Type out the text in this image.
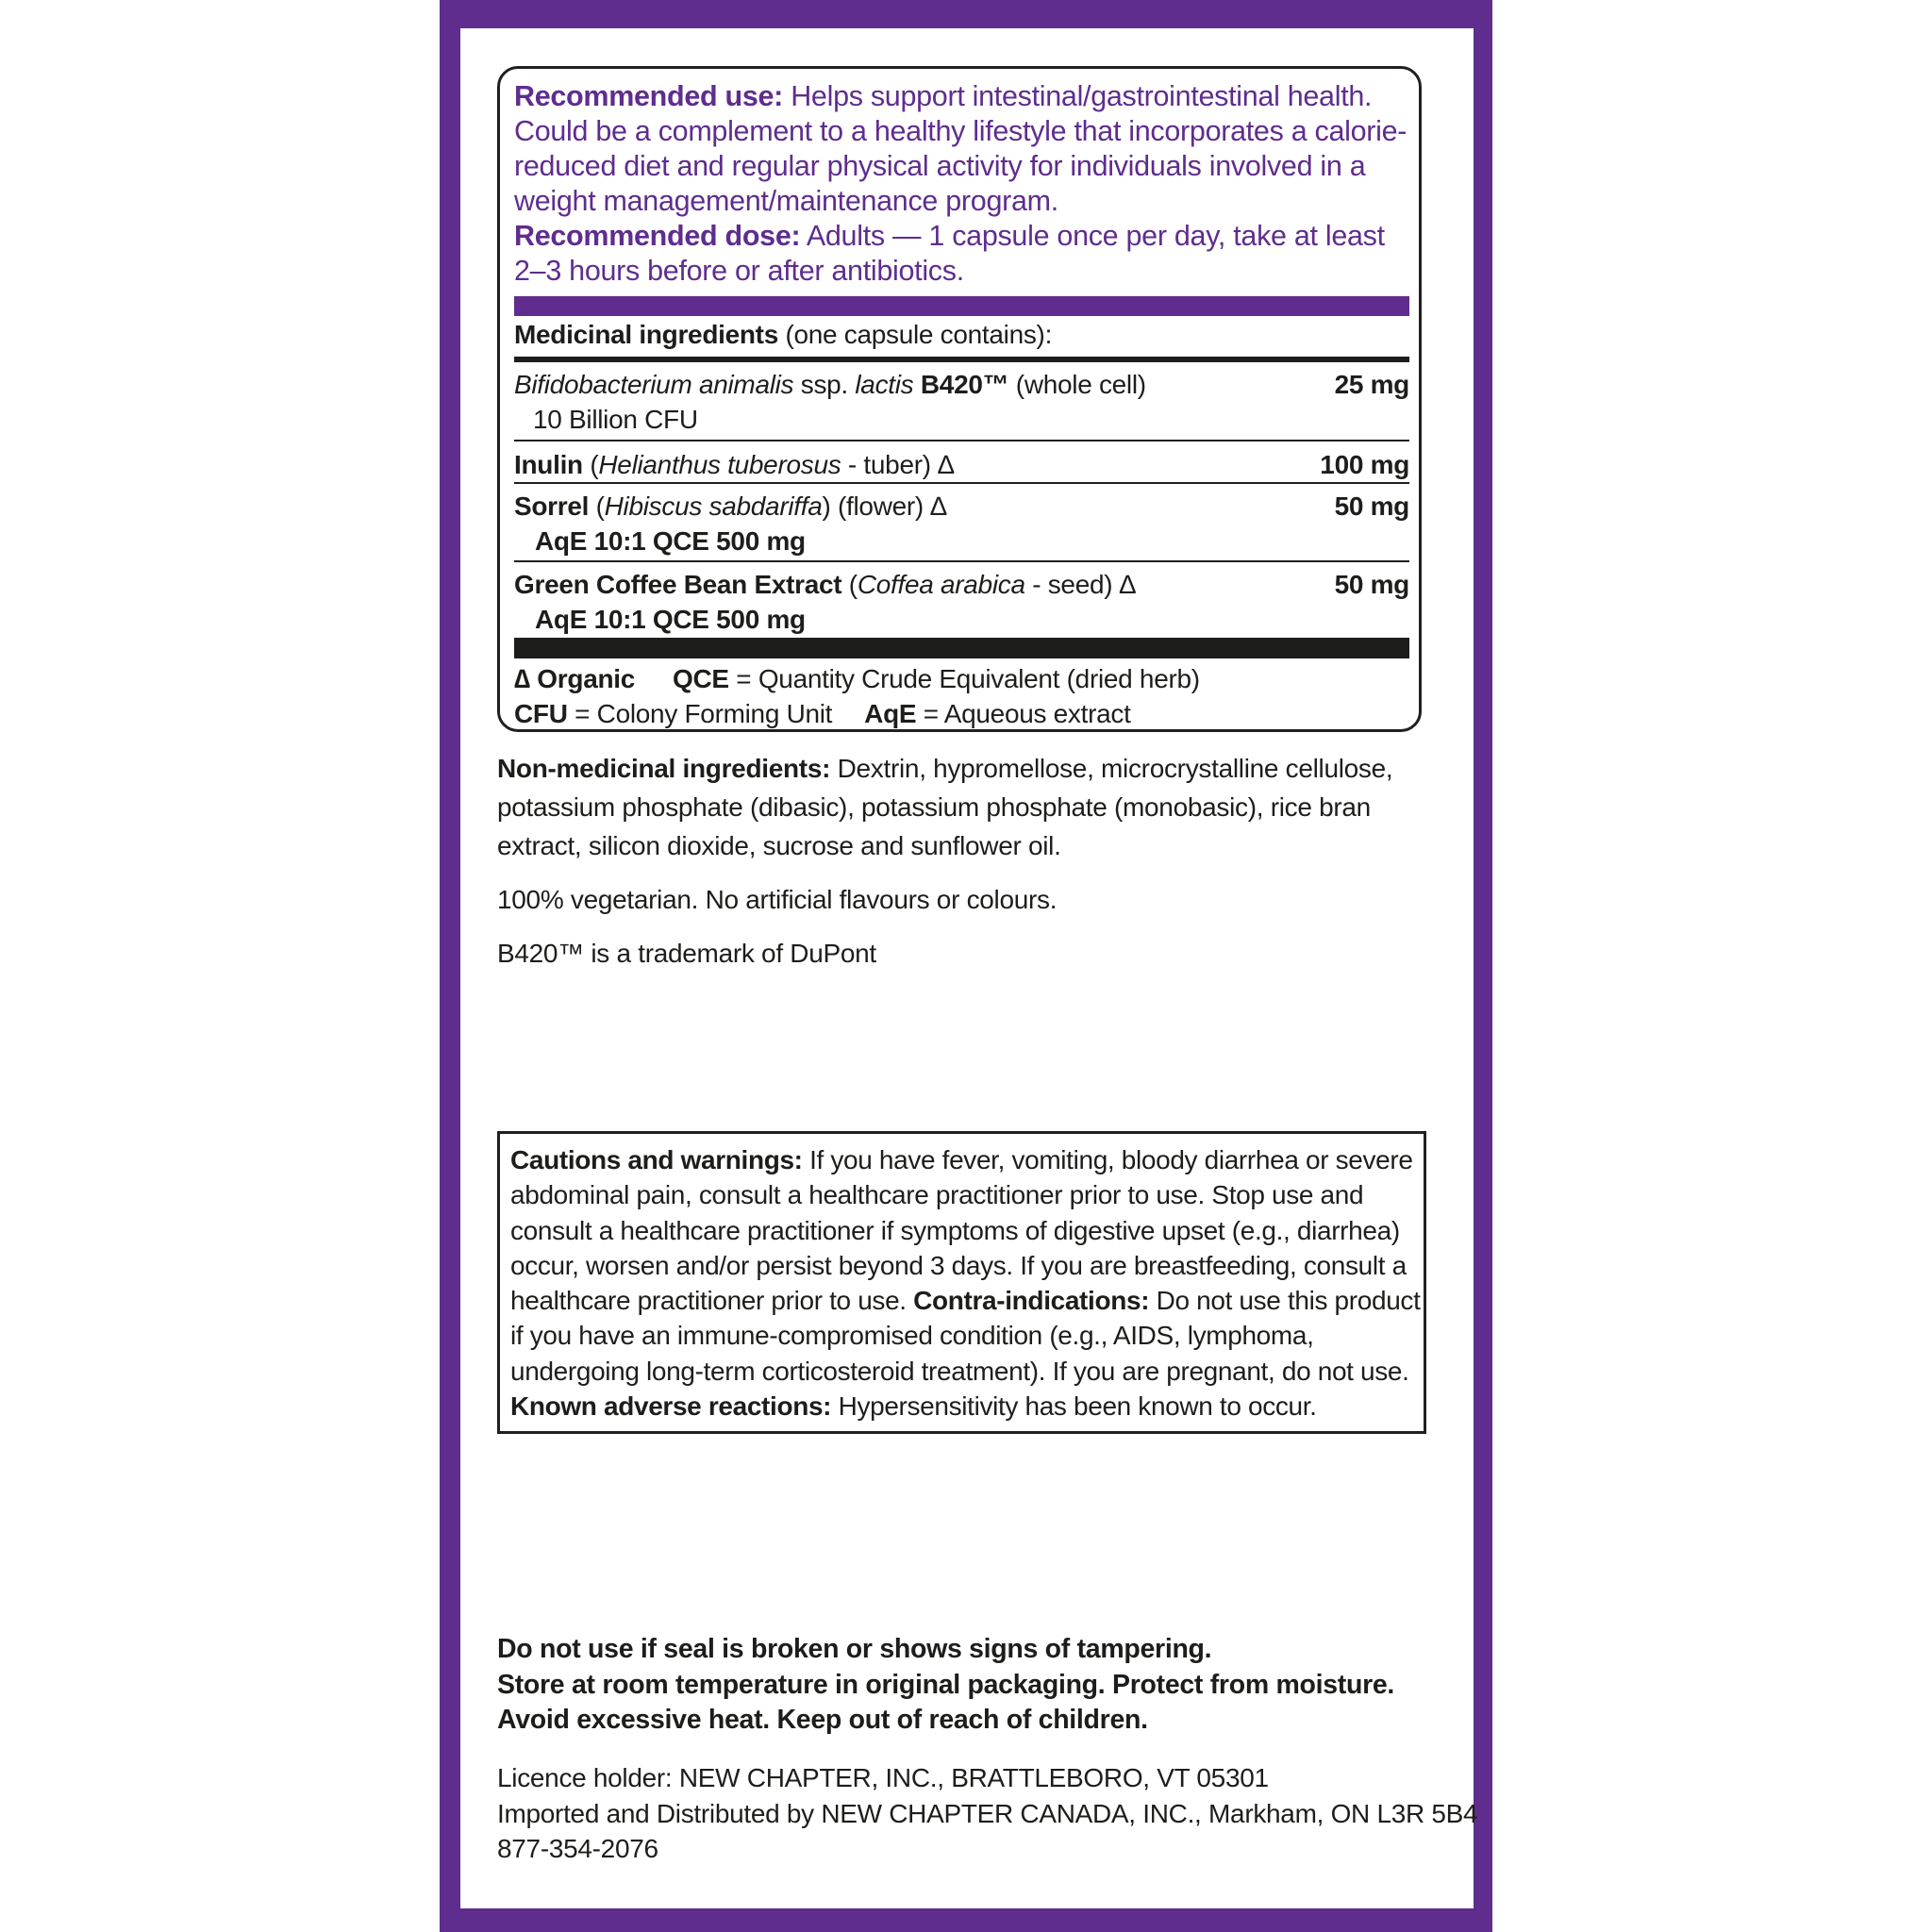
Recommended use: Helps support intestinal/gastrointestinal health. Could be a complement to a healthy lifestyle that incorporates a calorie-reduced diet and regular physical activity for individuals involved in a weight management/maintenance program.
Recommended dose: Adults — 1 capsule once per day, take at least 2–3 hours before or after antibiotics.
Medicinal ingredients (one capsule contains):
Bifidobacterium animalis ssp. lactis B420™ (whole cell)	25 mg
10 Billion CFU
Inulin (Helianthus tuberosus - tuber) ∆	100 mg
Sorrel (Hibiscus sabdariffa) (flower) ∆	50 mg
AqE 10:1 QCE 500 mg
Green Coffee Bean Extract (Coffea arabica - seed) ∆	50 mg
AqE 10:1 QCE 500 mg
∆ Organic QCE = Quantity Crude Equivalent (dried herb)
CFU = Colony Forming Unit AqE = Aqueous extract
Non-medicinal ingredients: Dextrin, hypromellose, microcrystalline cellulose, potassium phosphate (dibasic), potassium phosphate (monobasic), rice bran extract, silicon dioxide, sucrose and sunflower oil.
100% vegetarian. No artificial flavours or colours.
B420™ is a trademark of DuPont
Cautions and warnings: If you have fever, vomiting, bloody diarrhea or severe abdominal pain, consult a healthcare practitioner prior to use. Stop use and consult a healthcare practitioner if symptoms of digestive upset (e.g., diarrhea) occur, worsen and/or persist beyond 3 days. If you are breastfeeding, consult a healthcare practitioner prior to use. Contra-indications: Do not use this product if you have an immune-compromised condition (e.g., AIDS, lymphoma, undergoing long-term corticosteroid treatment). If you are pregnant, do not use.
Known adverse reactions: Hypersensitivity has been known to occur.
Do not use if seal is broken or shows signs of tampering.
Store at room temperature in original packaging. Protect from moisture.
Avoid excessive heat. Keep out of reach of children.
Licence holder: NEW CHAPTER, INC., BRATTLEBORO, VT 05301
Imported and Distributed by NEW CHAPTER CANADA, INC., Markham, ON L3R 5B4
877-354-2076
